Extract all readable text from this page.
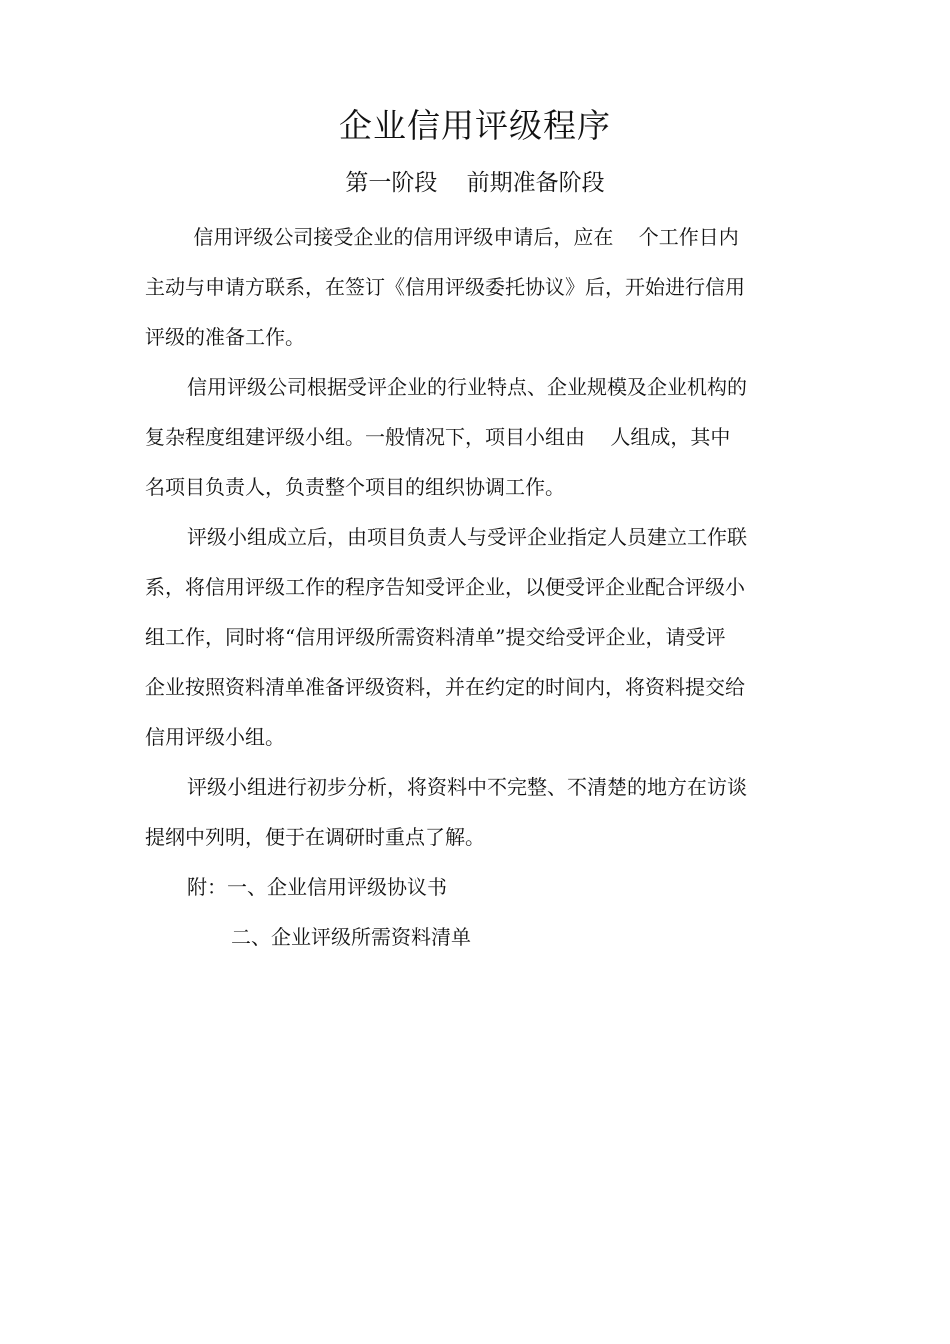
企业信用评级程序
第一阶段    前期准备阶段
信用评级公司接受企业的信用评级申请后，应在    个工作日内
主动与申请方联系，在签订《信用评级委托协议》后，开始进行信用
评级的准备工作。
信用评级公司根据受评企业的行业特点、企业规模及企业机构的
复杂程度组建评级小组。一般情况下，项目小组由    人组成，其中
名项目负责人，负责整个项目的组织协调工作。
评级小组成立后，由项目负责人与受评企业指定人员建立工作联
系，将信用评级工作的程序告知受评企业，以便受评企业配合评级小
组工作，同时将“信用评级所需资料清单”提交给受评企业，请受评
企业按照资料清单准备评级资料，并在约定的时间内，将资料提交给
信用评级小组。
评级小组进行初步分析，将资料中不完整、不清楚的地方在访谈
提纲中列明，便于在调研时重点了解。
附：一、企业信用评级协议书
二、企业评级所需资料清单
